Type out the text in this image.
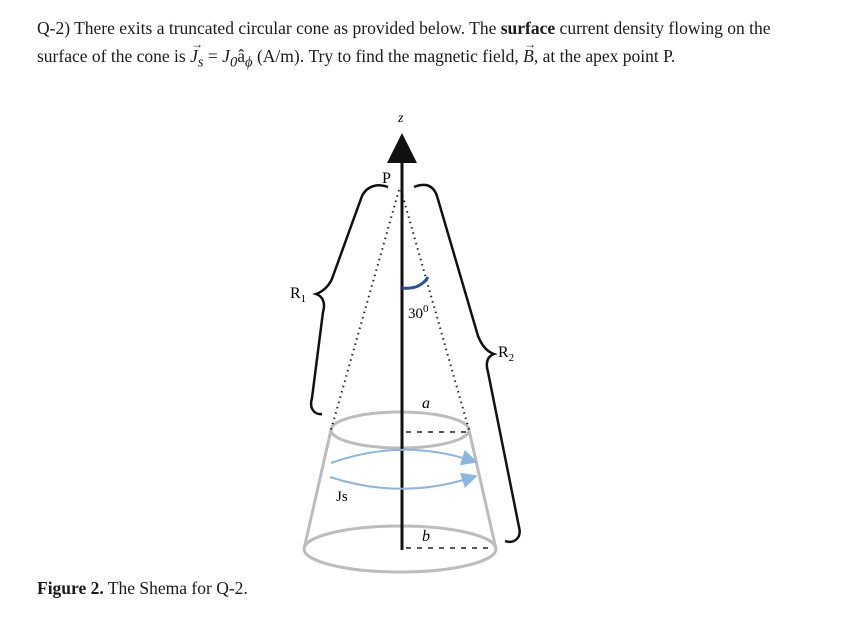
Q-2) There exits a truncated circular cone as provided below. The surface current density flowing on the surface of the cone is $J_s$ → = $J_0â_\phi$ (A/m). Try to find the magnetic field, B →, at the apex point P.
z
P
$30^0$
$R_1$
$R_2$
a
b
Js
Figure 2. The Shema for Q-2.
